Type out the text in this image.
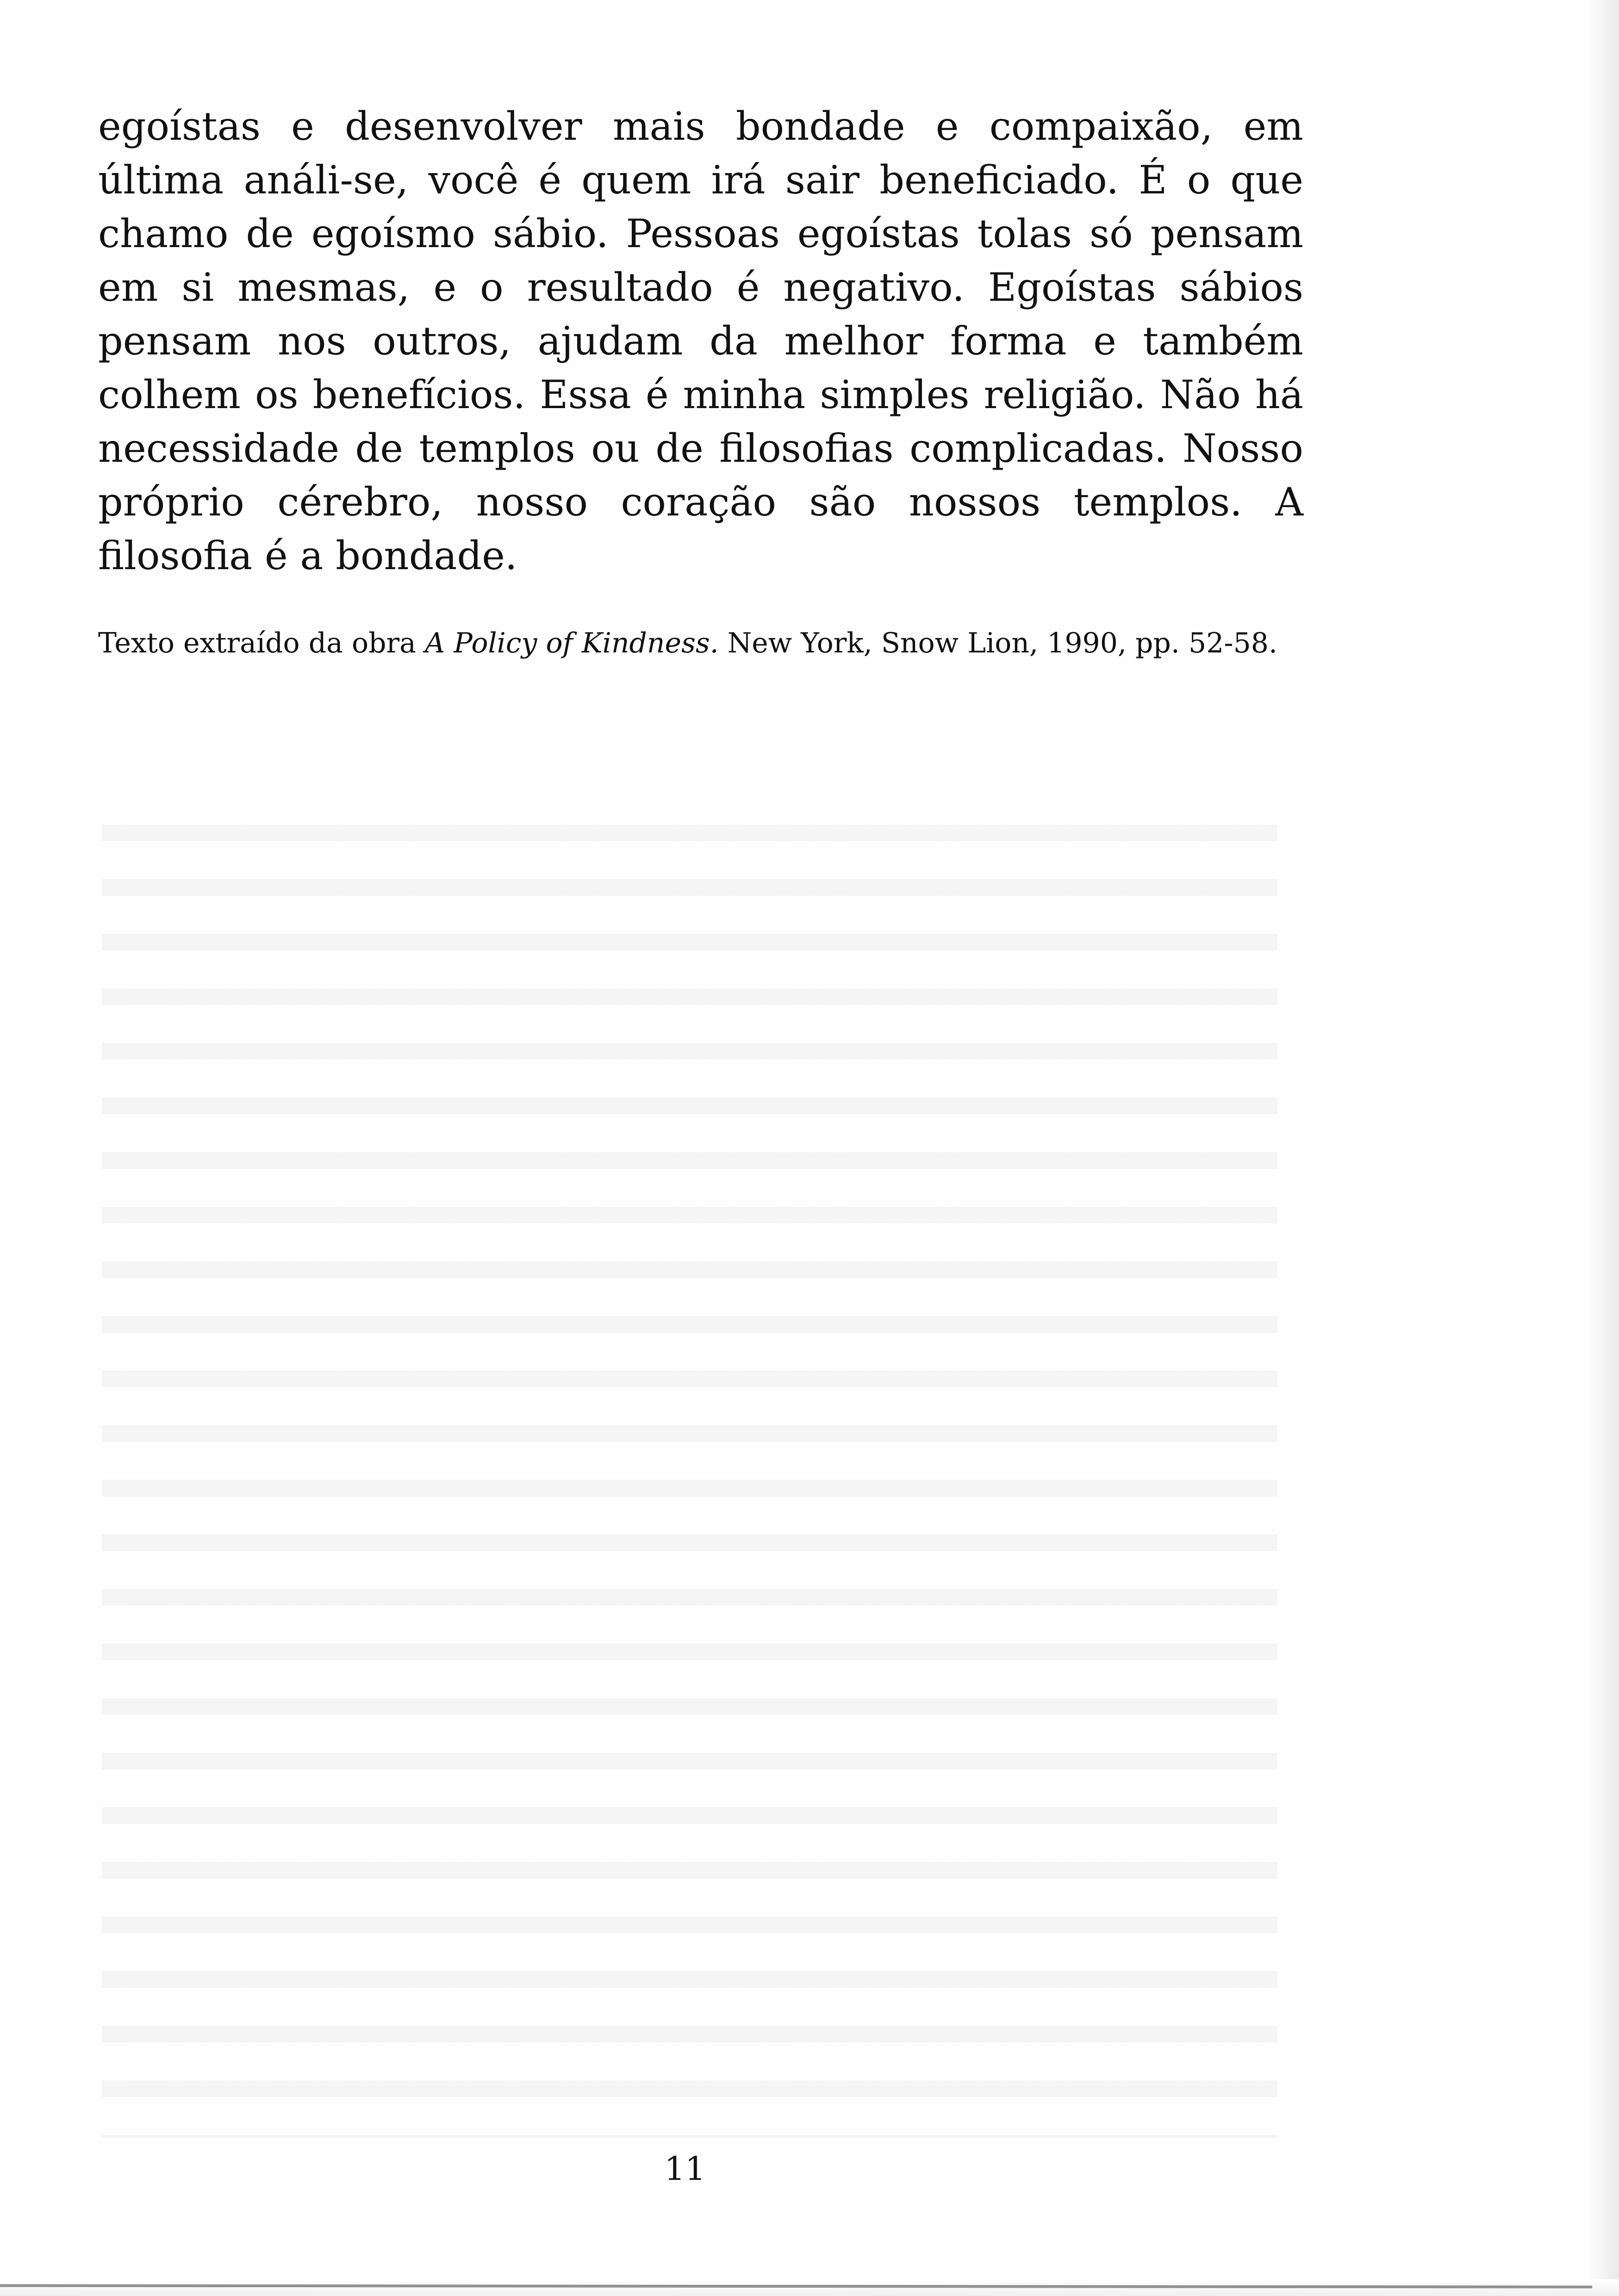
egoístas e desenvolver mais bondade e compaixão, em última análi-se, você é quem irá sair beneficiado. É o que chamo de egoísmo sábio. Pessoas egoístas tolas só pensam em si mesmas, e o resultado é negativo. Egoístas sábios pensam nos outros, ajudam da melhor forma e também colhem os benefícios. Essa é minha simples religião. Não há necessidade de templos ou de filosofias complicadas. Nosso próprio cérebro, nosso coração são nossos templos. A filosofia é a bondade.

Texto extraído da obra A Policy of Kindness. New York, Snow Lion, 1990, pp. 52-58.

11
